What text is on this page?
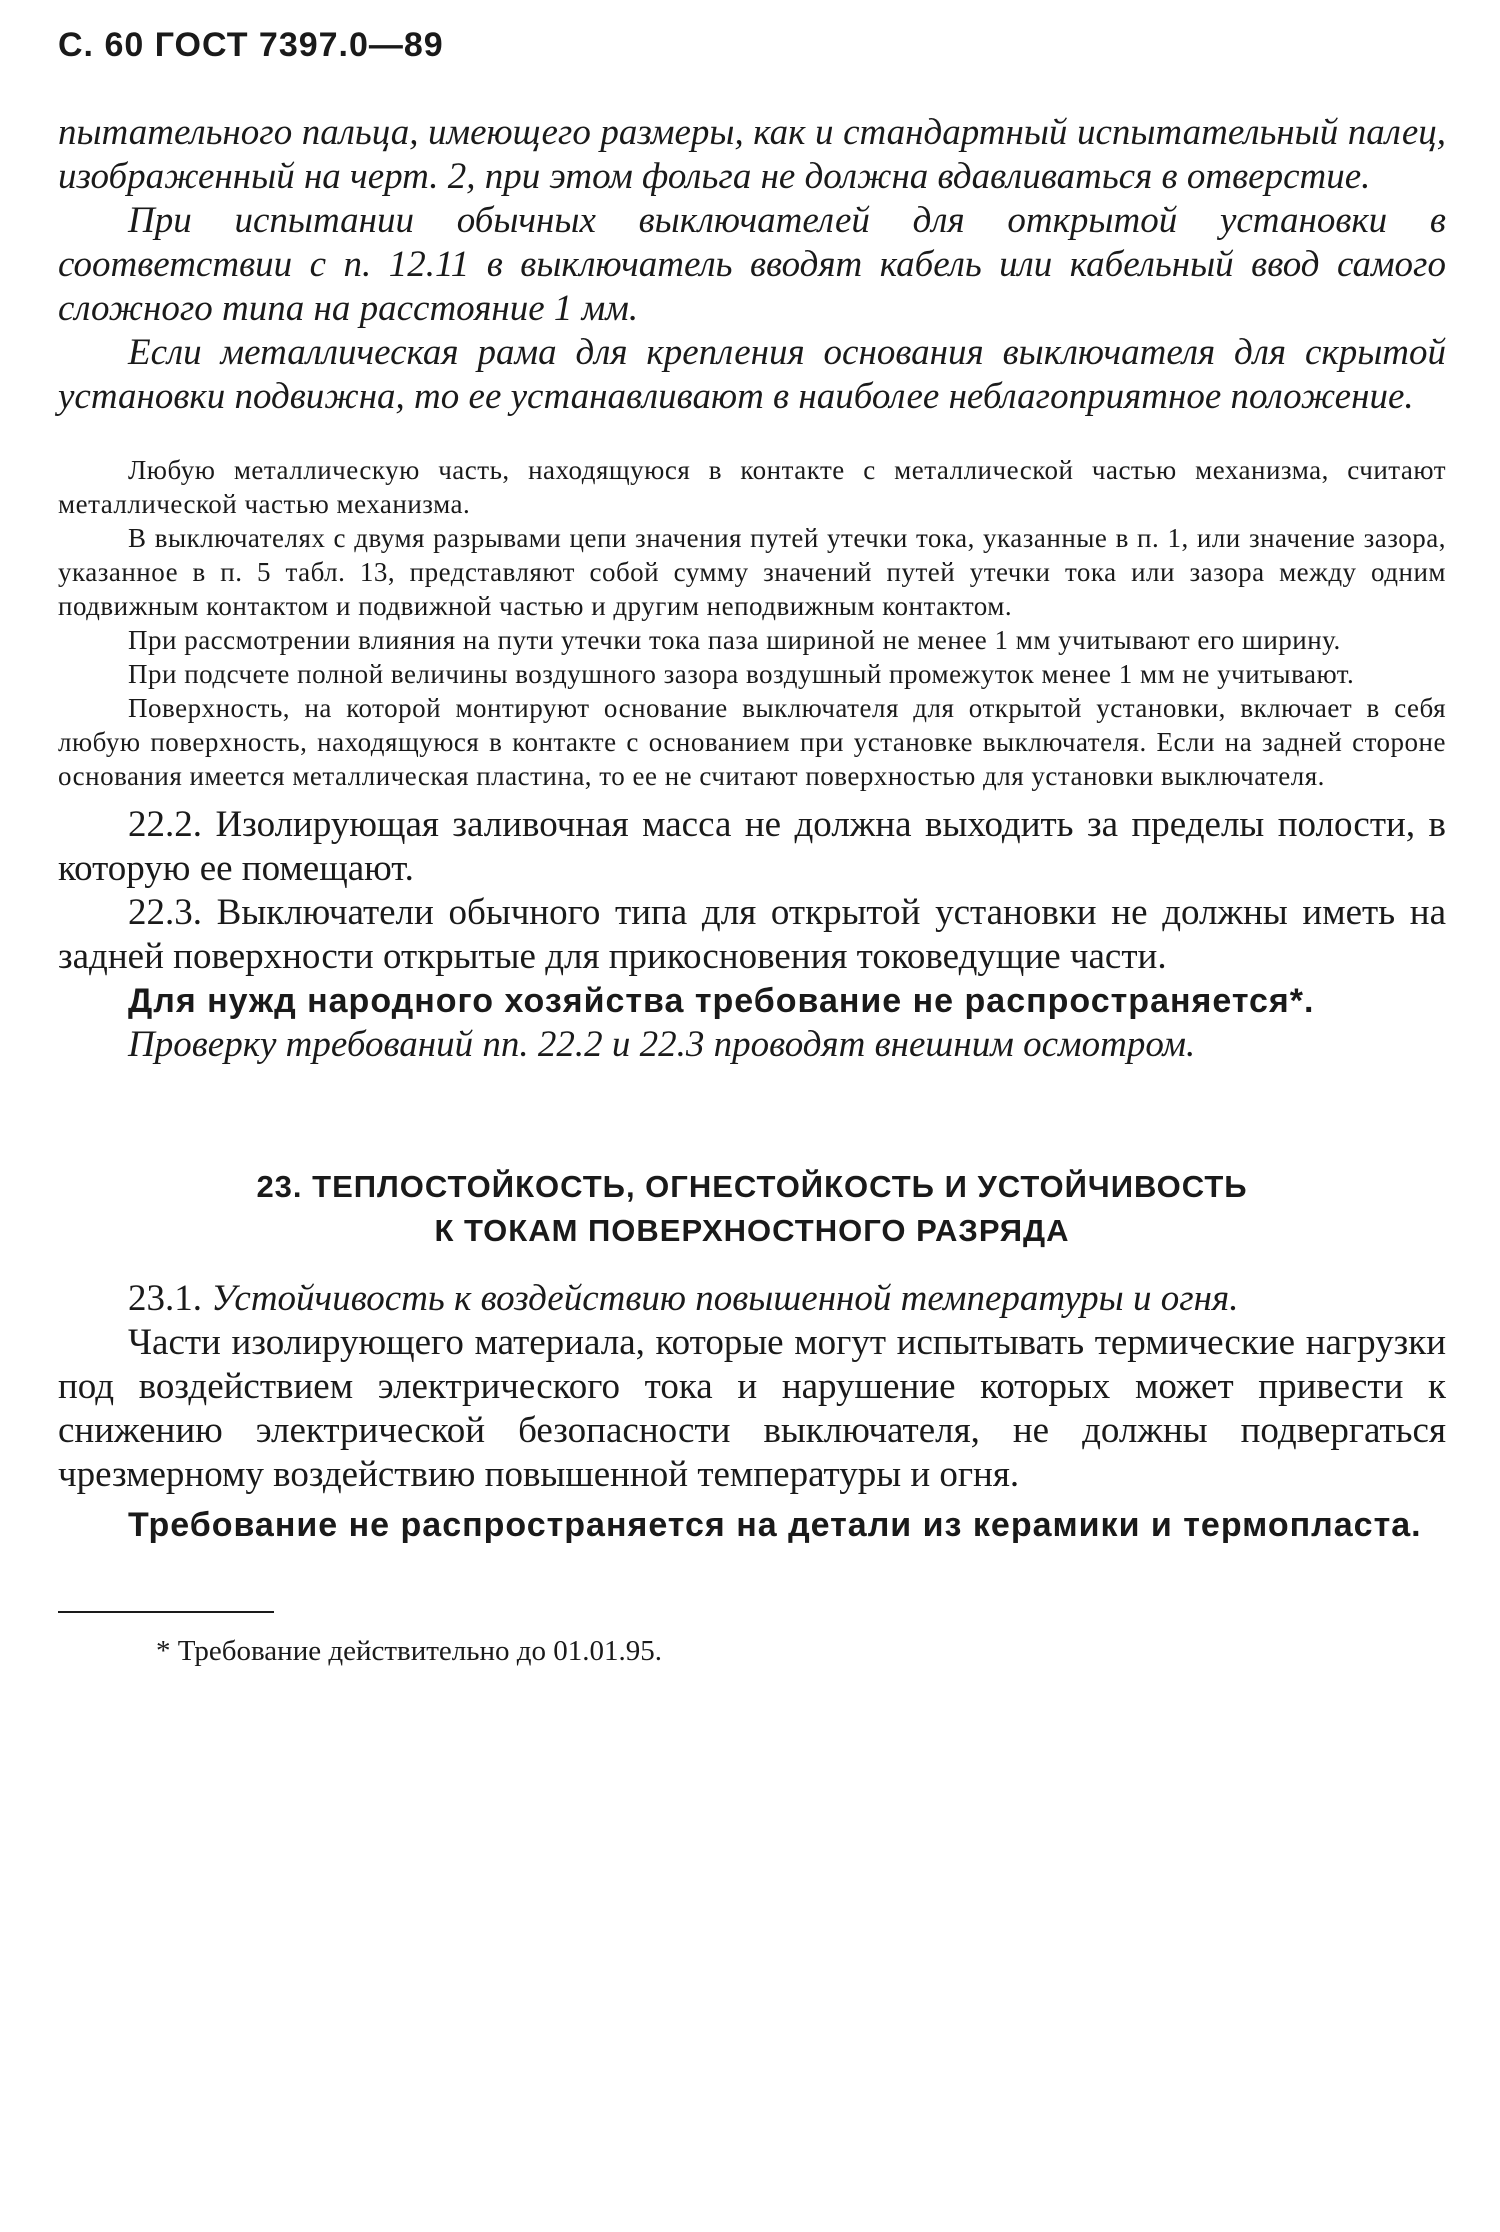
С. 60 ГОСТ 7397.0—89

пытательного пальца, имеющего размеры, как и стандартный испытательный палец, изображенный на черт. 2, при этом фольга не должна вдавливаться в отверстие.

При испытании обычных выключателей для открытой установки в соответствии с п. 12.11 в выключатель вводят кабель или кабельный ввод самого сложного типа на расстояние 1 мм.

Если металлическая рама для крепления основания выключателя для скрытой установки подвижна, то ее устанавливают в наиболее неблагоприятное положение.

Любую металлическую часть, находящуюся в контакте с металлической частью механизма, считают металлической частью механизма.

В выключателях с двумя разрывами цепи значения путей утечки тока, указанные в п. 1, или значение зазора, указанное в п. 5 табл. 13, представляют собой сумму значений путей утечки тока или зазора между одним подвижным контактом и подвижной частью и другим неподвижным контактом.

При рассмотрении влияния на пути утечки тока паза шириной не менее 1 мм учитывают его ширину.

При подсчете полной величины воздушного зазора воздушный промежуток менее 1 мм не учитывают.

Поверхность, на которой монтируют основание выключателя для открытой установки, включает в себя любую поверхность, находящуюся в контакте с основанием при установке выключателя. Если на задней стороне основания имеется металлическая пластина, то ее не считают поверхностью для установки выключателя.

22.2. Изолирующая заливочная масса не должна выходить за пределы полости, в которую ее помещают.

22.3. Выключатели обычного типа для открытой установки не должны иметь на задней поверхности открытые для прикосновения токоведущие части.

Для нужд народного хозяйства требование не распространяется*.

Проверку требований пп. 22.2 и 22.3 проводят внешним осмотром.

23. ТЕПЛОСТОЙКОСТЬ, ОГНЕСТОЙКОСТЬ И УСТОЙЧИВОСТЬ
К ТОКАМ ПОВЕРХНОСТНОГО РАЗРЯДА

23.1. Устойчивость к воздействию повышенной температуры и огня.

Части изолирующего материала, которые могут испытывать термические нагрузки под воздействием электрического тока и нарушение которых может привести к снижению электрической безопасности выключателя, не должны подвергаться чрезмерному воздействию повышенной температуры и огня.

Требование не распространяется на детали из керамики и термопласта.

* Требование действительно до 01.01.95.
